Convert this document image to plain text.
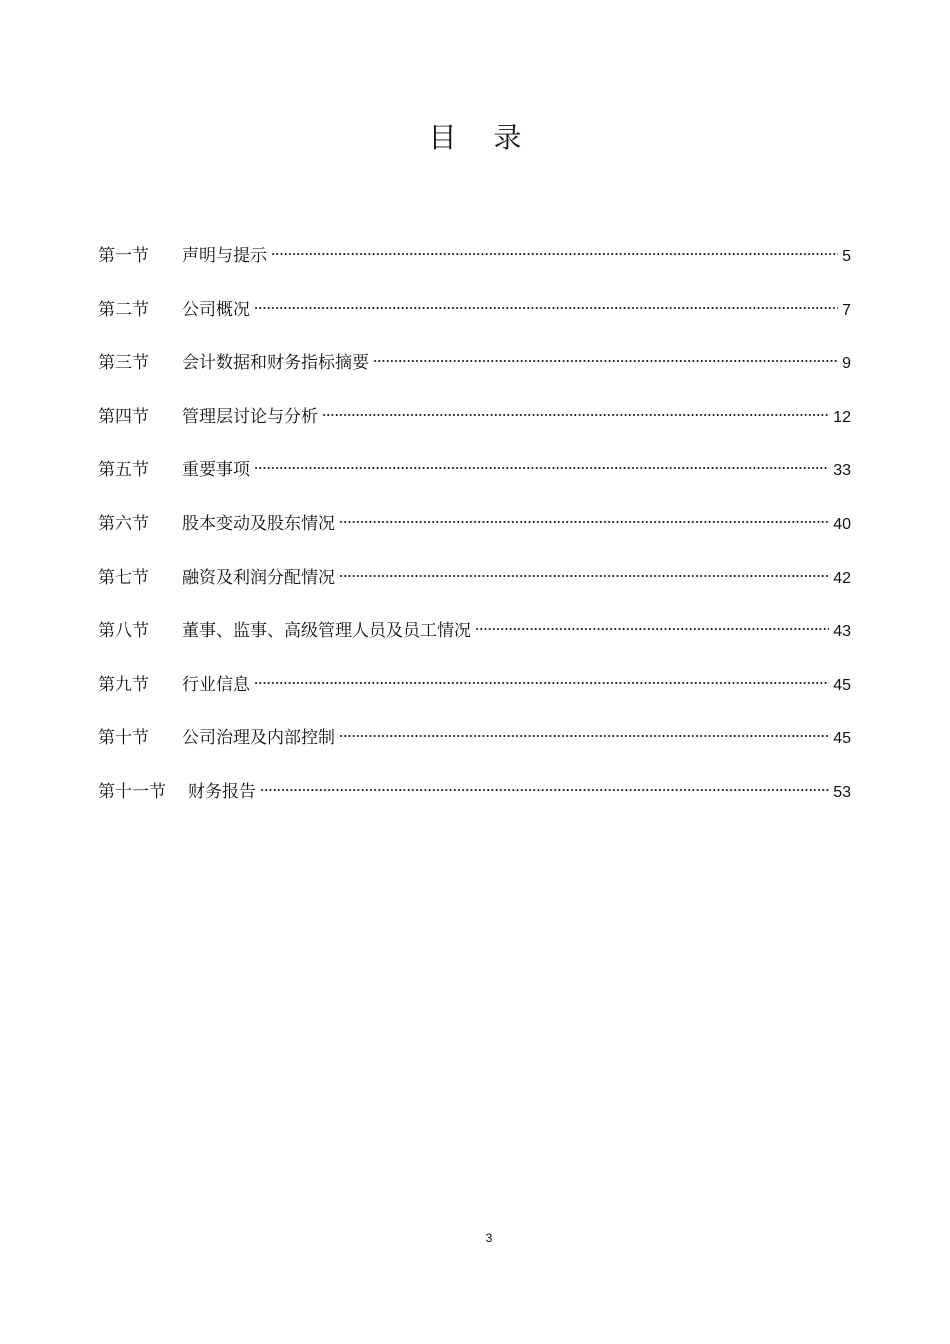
目 录
第一节	声明与提示	5
第二节	公司概况	7
第三节	会计数据和财务指标摘要	9
第四节	管理层讨论与分析	12
第五节	重要事项	33
第六节	股本变动及股东情况	40
第七节	融资及利润分配情况	42
第八节	董事、监事、高级管理人员及员工情况	43
第九节	行业信息	45
第十节	公司治理及内部控制	45
第十一节	财务报告	53
3
